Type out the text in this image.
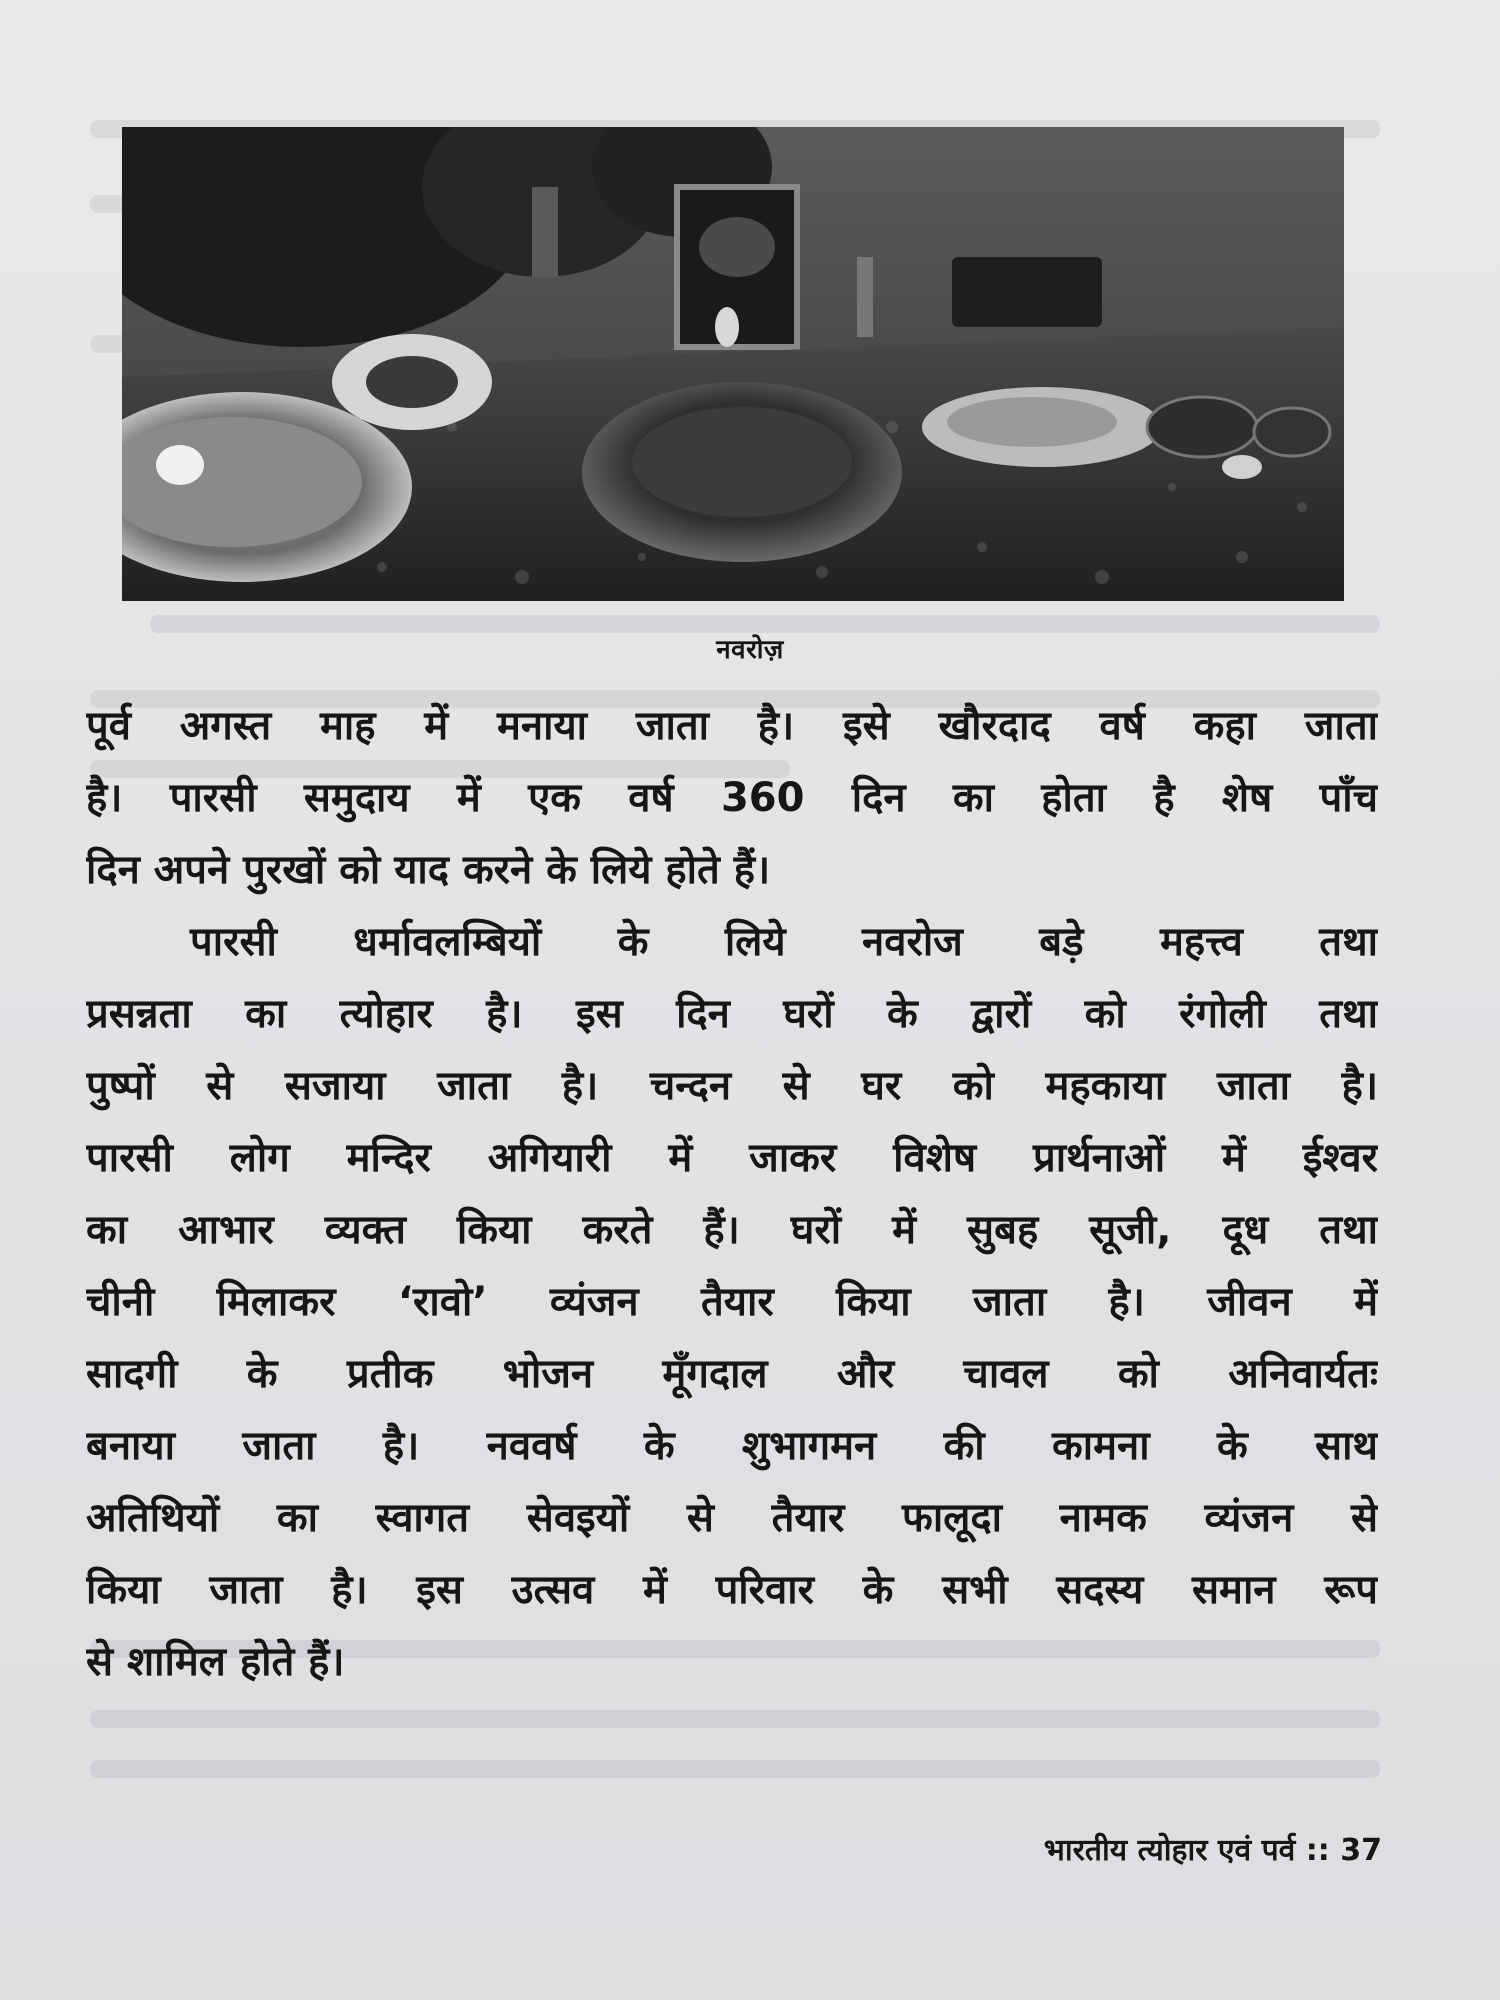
नवरोज़
पूर्व अगस्त माह में मनाया जाता है। इसे खौरदाद वर्ष कहा जाता
है। पारसी समुदाय में एक वर्ष 360 दिन का होता है शेष पाँच
दिन अपने पुरखों को याद करने के लिये होते हैं।
पारसी धर्मावलम्बियों के लिये नवरोज बड़े महत्त्व तथा
प्रसन्नता का त्योहार है। इस दिन घरों के द्वारों को रंगोली तथा
पुष्पों से सजाया जाता है। चन्दन से घर को महकाया जाता है।
पारसी लोग मन्दिर अगियारी में जाकर विशेष प्रार्थनाओं में ईश्वर
का आभार व्यक्त किया करते हैं। घरों में सुबह सूजी, दूध तथा
चीनी मिलाकर ‘रावो’ व्यंजन तैयार किया जाता है। जीवन में
सादगी के प्रतीक भोजन मूँगदाल और चावल को अनिवार्यतः
बनाया जाता है। नववर्ष के शुभागमन की कामना के साथ
अतिथियों का स्वागत सेवइयों से तैयार फालूदा नामक व्यंजन से
किया जाता है। इस उत्सव में परिवार के सभी सदस्य समान रूप
से शामिल होते हैं।
भारतीय त्योहार एवं पर्व :: 37
